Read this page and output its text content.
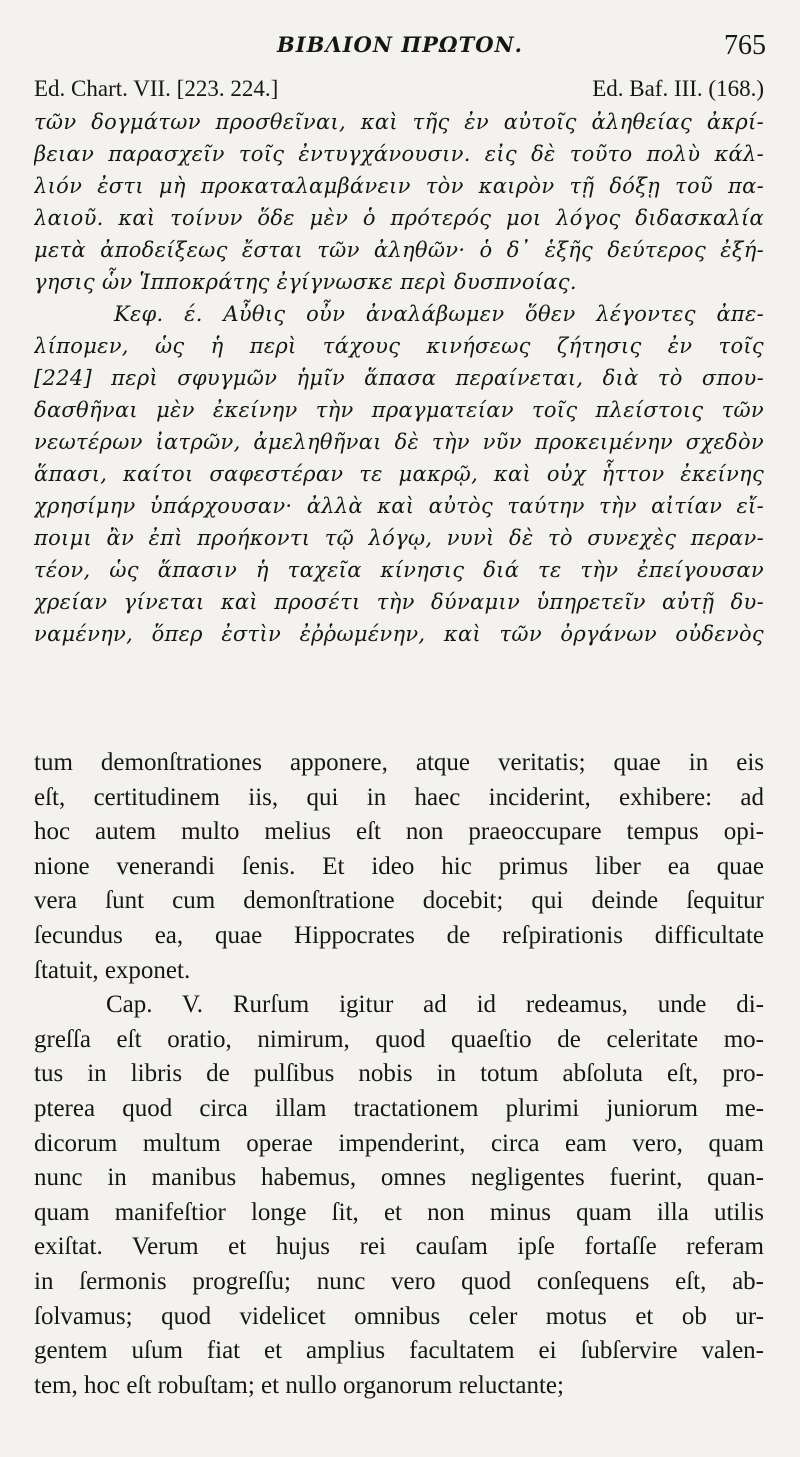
ΒΙΒΛΙΟΝ ΠΡΩΤΟΝ.	765
Ed. Chart. VII. [223. 224.]	Ed. Baf. III. (168.)
τῶν δογμάτων προσθεῖναι, καὶ τῆς ἐν αὐτοῖς ἀληθείας ἀκρί-
βειαν παρασχεῖν τοῖς ἐντυγχάνουσιν. εἰς δὲ τοῦτο πολὺ κάλ-
λιόν ἐστι μὴ προκαταλαμβάνειν τὸν καιρὸν τῇ δόξῃ τοῦ πα-
λαιοῦ. καὶ τοίνυν ὅδε μὲν ὁ πρότερός μοι λόγος διδασκαλία
μετὰ ἀποδείξεως ἔσται τῶν ἀληθῶν· ὁ δ᾿ ἑξῆς δεύτερος ἐξή-
γησις ὧν Ἱπποκράτης ἐγίγνωσκε περὶ δυσπνοίας.
Κεφ. έ. Αὖθις οὖν ἀναλάβωμεν ὅθεν λέγοντες ἀπε-
λίπομεν, ὡς ἡ περὶ τάχους κινήσεως ζήτησις ἐν τοῖς
[224] περὶ σφυγμῶν ἡμῖν ἅπασα περαίνεται, διὰ τὸ σπου-
δασθῆναι μὲν ἐκείνην τὴν πραγματείαν τοῖς πλείστοις τῶν
νεωτέρων ἰατρῶν, ἀμεληθῆναι δὲ τὴν νῦν προκειμένην σχεδὸν
ἅπασι, καίτοι σαφεστέραν τε μακρῷ, καὶ οὐχ ἧττον ἐκείνης
χρησίμην ὑπάρχουσαν· ἀλλὰ καὶ αὐτὸς ταύτην τὴν αἰτίαν εἴ-
ποιμι ἂν ἐπὶ προήκοντι τῷ λόγῳ, νυνὶ δὲ τὸ συνεχὲς περαν-
τέον, ὡς ἅπασιν ἡ ταχεῖα κίνησις διά τε τὴν ἐπείγουσαν
χρείαν γίνεται καὶ προσέτι τὴν δύναμιν ὑπηρετεῖν αὐτῇ δυ-
ναμένην, ὅπερ ἐστὶν ἐῤῥωμένην, καὶ τῶν ὀργάνων οὐδενὸς
tum demonſtrationes apponere, atque veritatis; quae in eis
eſt, certitudinem iis, qui in haec inciderint, exhibere: ad
hoc autem multo melius eſt non praeoccupare tempus opi-
nione venerandi ſenis. Et ideo hic primus liber ea quae
vera ſunt cum demonſtratione docebit; qui deinde ſequitur
ſecundus ea, quae Hippocrates de reſpirationis difficultate
ſtatuit, exponet.
Cap. V. Rurſum igitur ad id redeamus, unde di-
greſſa eſt oratio, nimirum, quod quaeſtio de celeritate mo-
tus in libris de pulſibus nobis in totum abſoluta eſt, pro-
pterea quod circa illam tractationem plurimi juniorum me-
dicorum multum operae impenderint, circa eam vero, quam
nunc in manibus habemus, omnes negligentes fuerint, quan-
quam manifeſtior longe ſit, et non minus quam illa utilis
exiſtat. Verum et hujus rei cauſam ipſe fortaſſe referam
in ſermonis progreſſu; nunc vero quod conſequens eſt, ab-
ſolvamus; quod videlicet omnibus celer motus et ob ur-
gentem uſum fiat et amplius facultatem ei ſubſervire valen-
tem, hoc eſt robuſtam; et nullo organorum reluctante;
